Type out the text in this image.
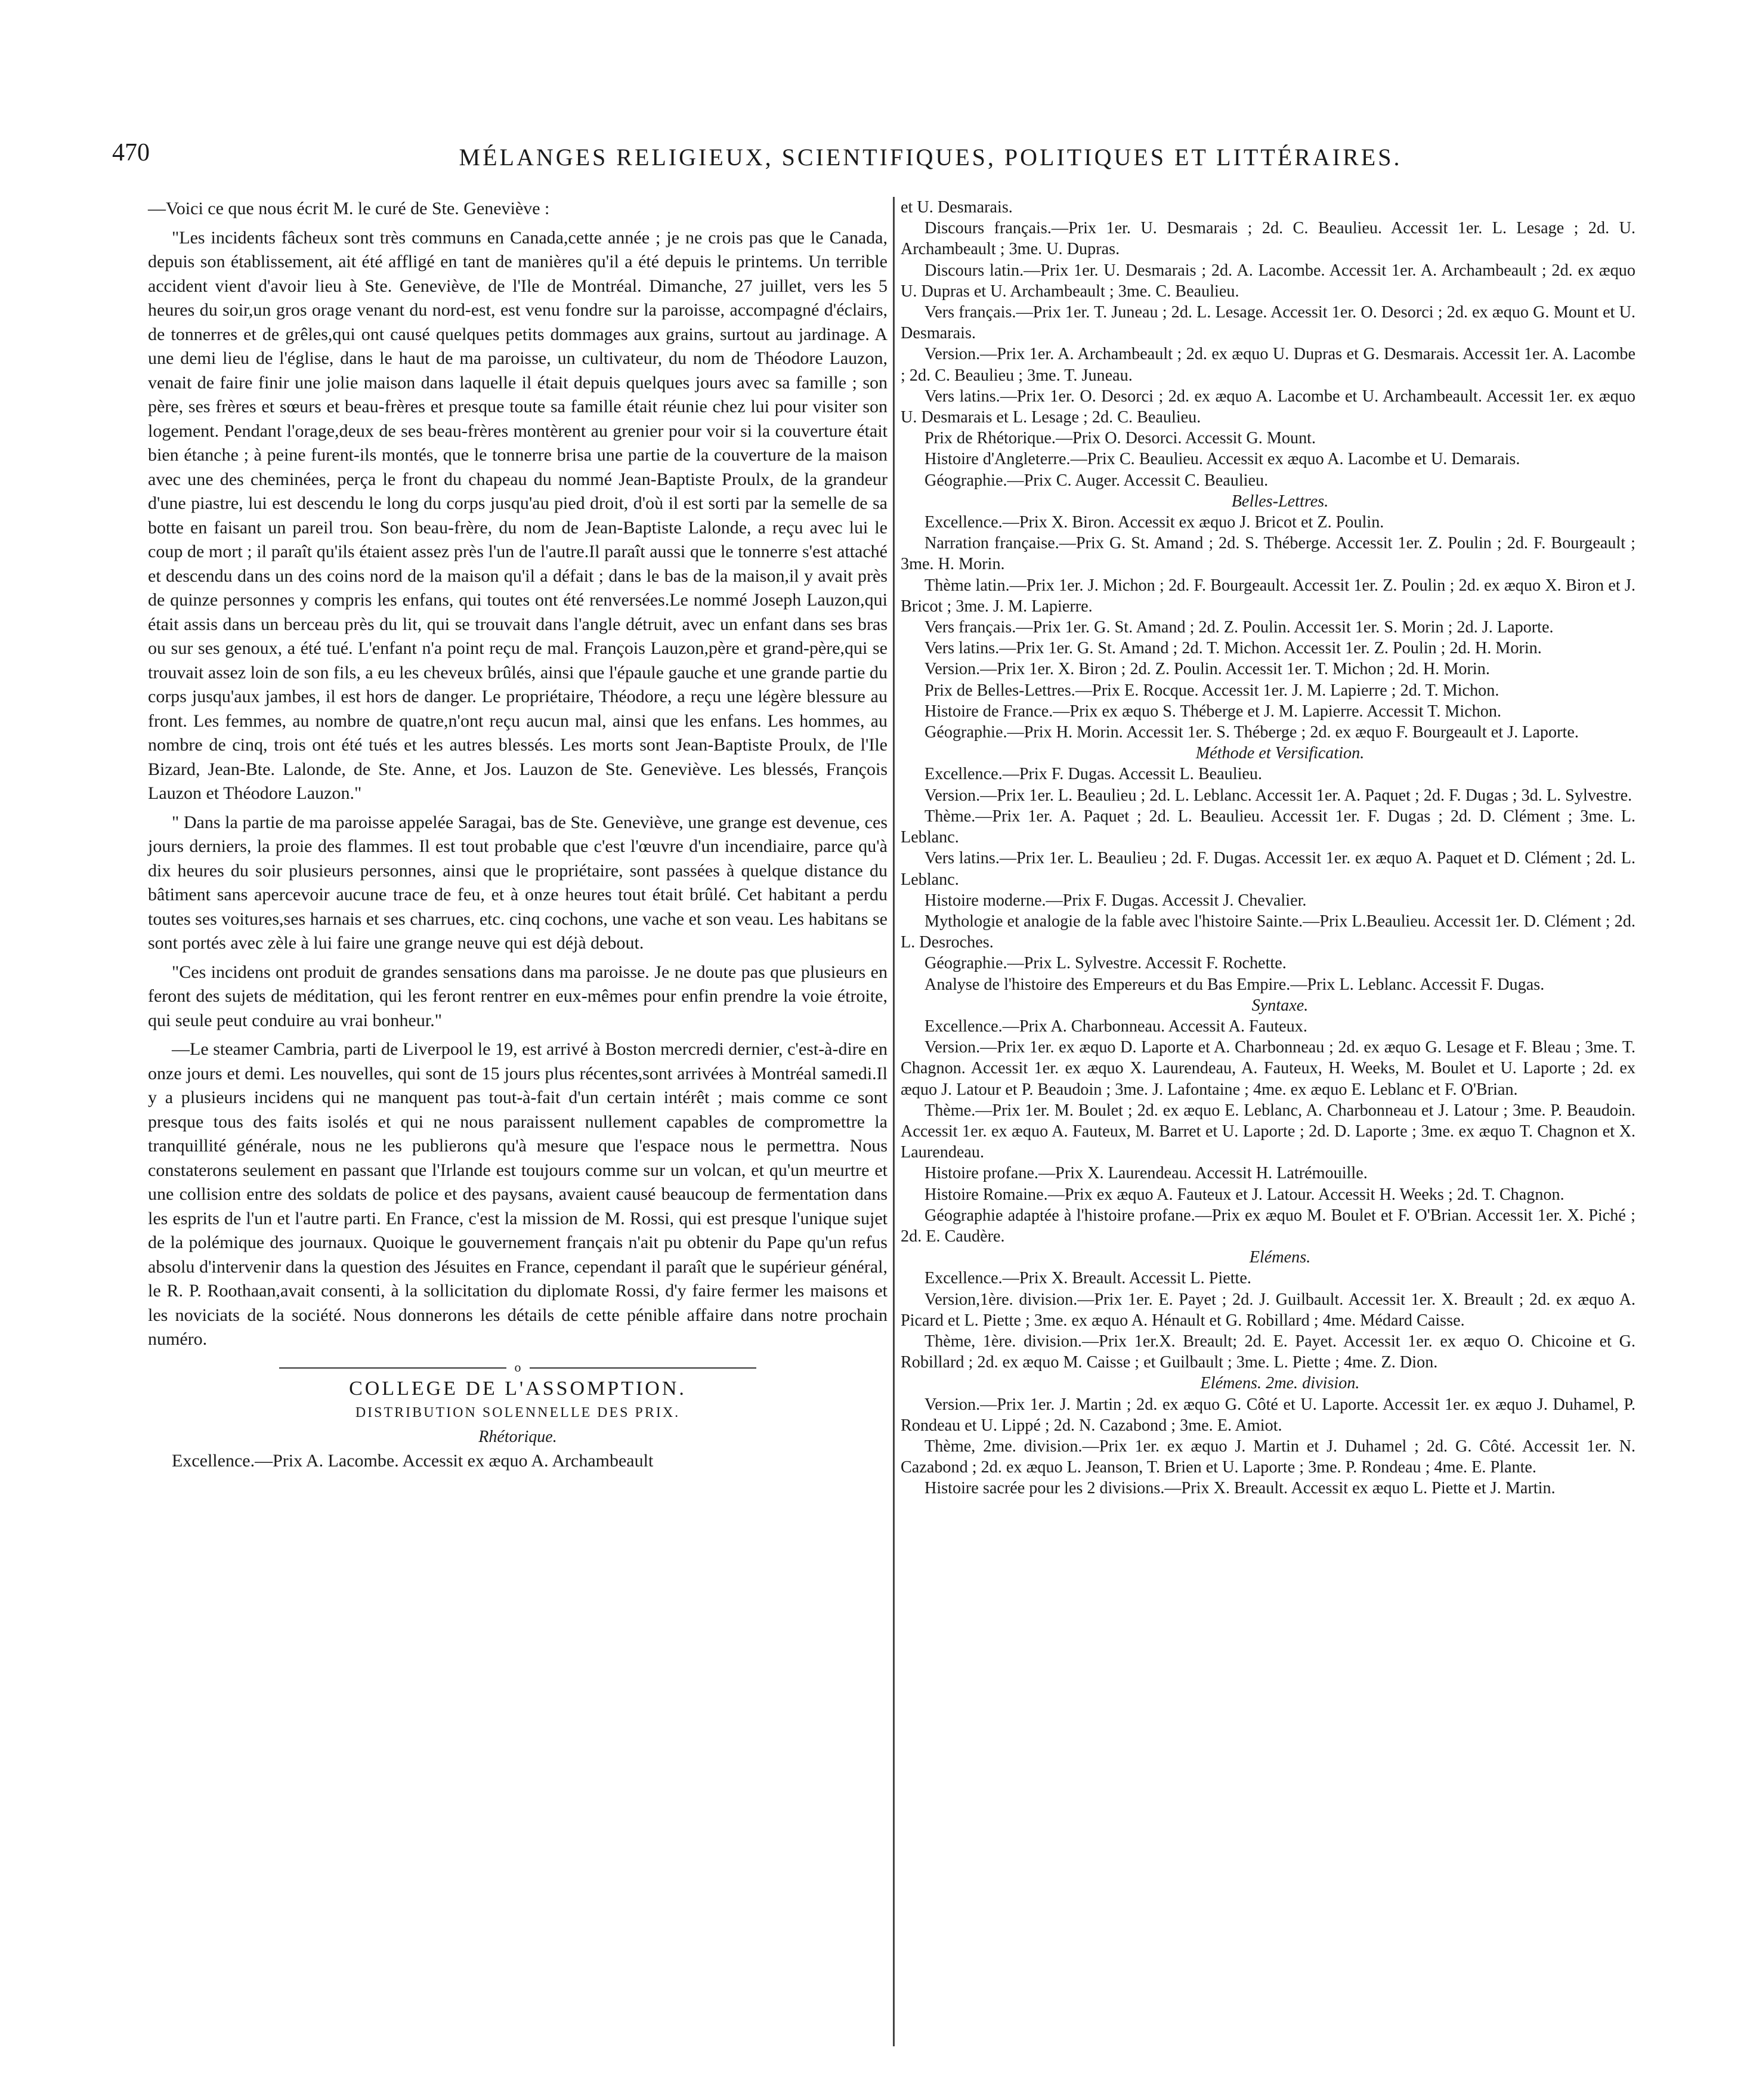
470	MÉLANGES RELIGIEUX, SCIENTIFIQUES, POLITIQUES ET LITTÉRAIRES.

—Voici ce que nous écrit M. le curé de Ste. Geneviève :

"Les incidents fâcheux sont très communs en Canada,cette année ; je ne crois pas que le Canada, depuis son établissement, ait été affligé en tant de manières qu'il a été depuis le printems. Un terrible accident vient d'avoir lieu à Ste. Geneviève, de l'Ile de Montréal. Dimanche, 27 juillet, vers les 5 heures du soir,un gros orage venant du nord-est, est venu fondre sur la paroisse, accompagné d'éclairs, de tonnerres et de grêles,qui ont causé quelques petits dommages aux grains, surtout au jardinage. A une demi lieu de l'église, dans le haut de ma paroisse, un cultivateur, du nom de Théodore Lauzon, venait de faire finir une jolie maison dans laquelle il était depuis quelques jours avec sa famille ; son père, ses frères et sœurs et beau-frères et presque toute sa famille était réunie chez lui pour visiter son logement. Pendant l'orage,deux de ses beau-frères montèrent au grenier pour voir si la couverture était bien étanche ; à peine furent-ils montés, que le tonnerre brisa une partie de la couverture de la maison avec une des cheminées, perça le front du chapeau du nommé Jean-Baptiste Proulx, de la grandeur d'une piastre, lui est descendu le long du corps jusqu'au pied droit, d'où il est sorti par la semelle de sa botte en faisant un pareil trou. Son beau-frère, du nom de Jean-Baptiste Lalonde, a reçu avec lui le coup de mort ; il paraît qu'ils étaient assez près l'un de l'autre.Il paraît aussi que le tonnerre s'est attaché et descendu dans un des coins nord de la maison qu'il a défait ; dans le bas de la maison,il y avait près de quinze personnes y compris les enfans, qui toutes ont été renversées.Le nommé Joseph Lauzon,qui était assis dans un berceau près du lit, qui se trouvait dans l'angle détruit, avec un enfant dans ses bras ou sur ses genoux, a été tué. L'enfant n'a point reçu de mal. François Lauzon,père et grand-père,qui se trouvait assez loin de son fils, a eu les cheveux brûlés, ainsi que l'épaule gauche et une grande partie du corps jusqu'aux jambes, il est hors de danger. Le propriétaire, Théodore, a reçu une légère blessure au front. Les femmes, au nombre de quatre,n'ont reçu aucun mal, ainsi que les enfans. Les hommes, au nombre de cinq, trois ont été tués et les autres blessés. Les morts sont Jean-Baptiste Proulx, de l'Ile Bizard, Jean-Bte. Lalonde, de Ste. Anne, et Jos. Lauzon de Ste. Geneviève. Les blessés, François Lauzon et Théodore Lauzon."

" Dans la partie de ma paroisse appelée Saragai, bas de Ste. Geneviève, une grange est devenue, ces jours derniers, la proie des flammes. Il est tout probable que c'est l'œuvre d'un incendiaire, parce qu'à dix heures du soir plusieurs personnes, ainsi que le propriétaire, sont passées à quelque distance du bâtiment sans apercevoir aucune trace de feu, et à onze heures tout était brûlé. Cet habitant a perdu toutes ses voitures,ses harnais et ses charrues, etc. cinq cochons, une vache et son veau. Les habitans se sont portés avec zèle à lui faire une grange neuve qui est déjà debout.

"Ces incidens ont produit de grandes sensations dans ma paroisse. Je ne doute pas que plusieurs en feront des sujets de méditation, qui les feront rentrer en eux-mêmes pour enfin prendre la voie étroite, qui seule peut conduire au vrai bonheur."

—Le steamer Cambria, parti de Liverpool le 19, est arrivé à Boston mercredi dernier, c'est-à-dire en onze jours et demi. Les nouvelles, qui sont de 15 jours plus récentes,sont arrivées à Montréal samedi.Il y a plusieurs incidens qui ne manquent pas tout-à-fait d'un certain intérêt ; mais comme ce sont presque tous des faits isolés et qui ne nous paraissent nullement capables de compromettre la tranquillité générale, nous ne les publierons qu'à mesure que l'espace nous le permettra. Nous constaterons seulement en passant que l'Irlande est toujours comme sur un volcan, et qu'un meurtre et une collision entre des soldats de police et des paysans, avaient causé beaucoup de fermentation dans les esprits de l'un et l'autre parti. En France, c'est la mission de M. Rossi, qui est presque l'unique sujet de la polémique des journaux. Quoique le gouvernement français n'ait pu obtenir du Pape qu'un refus absolu d'intervenir dans la question des Jésuites en France, cependant il paraît que le supérieur général, le R. P. Roothaan,avait consenti, à la sollicitation du diplomate Rossi, d'y faire fermer les maisons et les noviciats de la société. Nous donnerons les détails de cette pénible affaire dans notre prochain numéro.

o
COLLEGE DE L'ASSOMPTION.
DISTRIBUTION SOLENNELLE DES PRIX.
Rhétorique.

Excellence.—Prix A. Lacombe. Accessit ex æquo A. Archambeault

et U. Desmarais.

Discours français.—Prix 1er. U. Desmarais ; 2d. C. Beaulieu. Accessit 1er. L. Lesage ; 2d. U. Archambeault ; 3me. U. Dupras.

Discours latin.—Prix 1er. U. Desmarais ; 2d. A. Lacombe. Accessit 1er. A. Archambeault ; 2d. ex æquo U. Dupras et U. Archambeault ; 3me. C. Beaulieu.

Vers français.—Prix 1er. T. Juneau ; 2d. L. Lesage. Accessit 1er. O. Desorci ; 2d. ex æquo G. Mount et U. Desmarais.

Version.—Prix 1er. A. Archambeault ; 2d. ex æquo U. Dupras et G. Desmarais. Accessit 1er. A. Lacombe ; 2d. C. Beaulieu ; 3me. T. Juneau.

Vers latins.—Prix 1er. O. Desorci ; 2d. ex æquo A. Lacombe et U. Archambeault. Accessit 1er. ex æquo U. Desmarais et L. Lesage ; 2d. C. Beaulieu.

Prix de Rhétorique.—Prix O. Desorci. Accessit G. Mount.

Histoire d'Angleterre.—Prix C. Beaulieu. Accessit ex æquo A. Lacombe et U. Demarais.

Géographie.—Prix C. Auger. Accessit C. Beaulieu.

Belles-Lettres.

Excellence.—Prix X. Biron. Accessit ex æquo J. Bricot et Z. Poulin.

Narration française.—Prix G. St. Amand ; 2d. S. Théberge. Accessit 1er. Z. Poulin ; 2d. F. Bourgeault ; 3me. H. Morin.

Thème latin.—Prix 1er. J. Michon ; 2d. F. Bourgeault. Accessit 1er. Z. Poulin ; 2d. ex æquo X. Biron et J. Bricot ; 3me. J. M. Lapierre.

Vers français.—Prix 1er. G. St. Amand ; 2d. Z. Poulin. Accessit 1er. S. Morin ; 2d. J. Laporte.

Vers latins.—Prix 1er. G. St. Amand ; 2d. T. Michon. Accessit 1er. Z. Poulin ; 2d. H. Morin.

Version.—Prix 1er. X. Biron ; 2d. Z. Poulin. Accessit 1er. T. Michon ; 2d. H. Morin.

Prix de Belles-Lettres.—Prix E. Rocque. Accessit 1er. J. M. Lapierre ; 2d. T. Michon.

Histoire de France.—Prix ex æquo S. Théberge et J. M. Lapierre. Accessit T. Michon.

Géographie.—Prix H. Morin. Accessit 1er. S. Théberge ; 2d. ex æquo F. Bourgeault et J. Laporte.

Méthode et Versification.

Excellence.—Prix F. Dugas. Accessit L. Beaulieu.

Version.—Prix 1er. L. Beaulieu ; 2d. L. Leblanc. Accessit 1er. A. Paquet ; 2d. F. Dugas ; 3d. L. Sylvestre.

Thème.—Prix 1er. A. Paquet ; 2d. L. Beaulieu. Accessit 1er. F. Dugas ; 2d. D. Clément ; 3me. L. Leblanc.

Vers latins.—Prix 1er. L. Beaulieu ; 2d. F. Dugas. Accessit 1er. ex æquo A. Paquet et D. Clément ; 2d. L. Leblanc.

Histoire moderne.—Prix F. Dugas. Accessit J. Chevalier.

Mythologie et analogie de la fable avec l'histoire Sainte.—Prix L.Beaulieu. Accessit 1er. D. Clément ; 2d. L. Desroches.

Géographie.—Prix L. Sylvestre. Accessit F. Rochette.

Analyse de l'histoire des Empereurs et du Bas Empire.—Prix L. Leblanc. Accessit F. Dugas.

Syntaxe.

Excellence.—Prix A. Charbonneau. Accessit A. Fauteux.

Version.—Prix 1er. ex æquo D. Laporte et A. Charbonneau ; 2d. ex æquo G. Lesage et F. Bleau ; 3me. T. Chagnon. Accessit 1er. ex æquo X. Laurendeau, A. Fauteux, H. Weeks, M. Boulet et U. Laporte ; 2d. ex æquo J. Latour et P. Beaudoin ; 3me. J. Lafontaine ; 4me. ex æquo E. Leblanc et F. O'Brian.

Thème.—Prix 1er. M. Boulet ; 2d. ex æquo E. Leblanc, A. Charbonneau et J. Latour ; 3me. P. Beaudoin. Accessit 1er. ex æquo A. Fauteux, M. Barret et U. Laporte ; 2d. D. Laporte ; 3me. ex æquo T. Chagnon et X. Laurendeau.

Histoire profane.—Prix X. Laurendeau. Accessit H. Latrémouille.

Histoire Romaine.—Prix ex æquo A. Fauteux et J. Latour. Accessit H. Weeks ; 2d. T. Chagnon.

Géographie adaptée à l'histoire profane.—Prix ex æquo M. Boulet et F. O'Brian. Accessit 1er. X. Piché ; 2d. E. Caudère.

Elémens.

Excellence.—Prix X. Breault. Accessit L. Piette.

Version,1ère. division.—Prix 1er. E. Payet ; 2d. J. Guilbault. Accessit 1er. X. Breault ; 2d. ex æquo A. Picard et L. Piette ; 3me. ex æquo A. Hénault et G. Robillard ; 4me. Médard Caisse.

Thème, 1ère. division.—Prix 1er.X. Breault; 2d. E. Payet. Accessit 1er. ex æquo O. Chicoine et G. Robillard ; 2d. ex æquo M. Caisse ; et Guilbault ; 3me. L. Piette ; 4me. Z. Dion.

Elémens. 2me. division.

Version.—Prix 1er. J. Martin ; 2d. ex æquo G. Côté et U. Laporte. Accessit 1er. ex æquo J. Duhamel, P. Rondeau et U. Lippé ; 2d. N. Cazabond ; 3me. E. Amiot.

Thème, 2me. division.—Prix 1er. ex æquo J. Martin et J. Duhamel ; 2d. G. Côté. Accessit 1er. N. Cazabond ; 2d. ex æquo L. Jeanson, T. Brien et U. Laporte ; 3me. P. Rondeau ; 4me. E. Plante.

Histoire sacrée pour les 2 divisions.—Prix X. Breault. Accessit ex æquo L. Piette et J. Martin.
